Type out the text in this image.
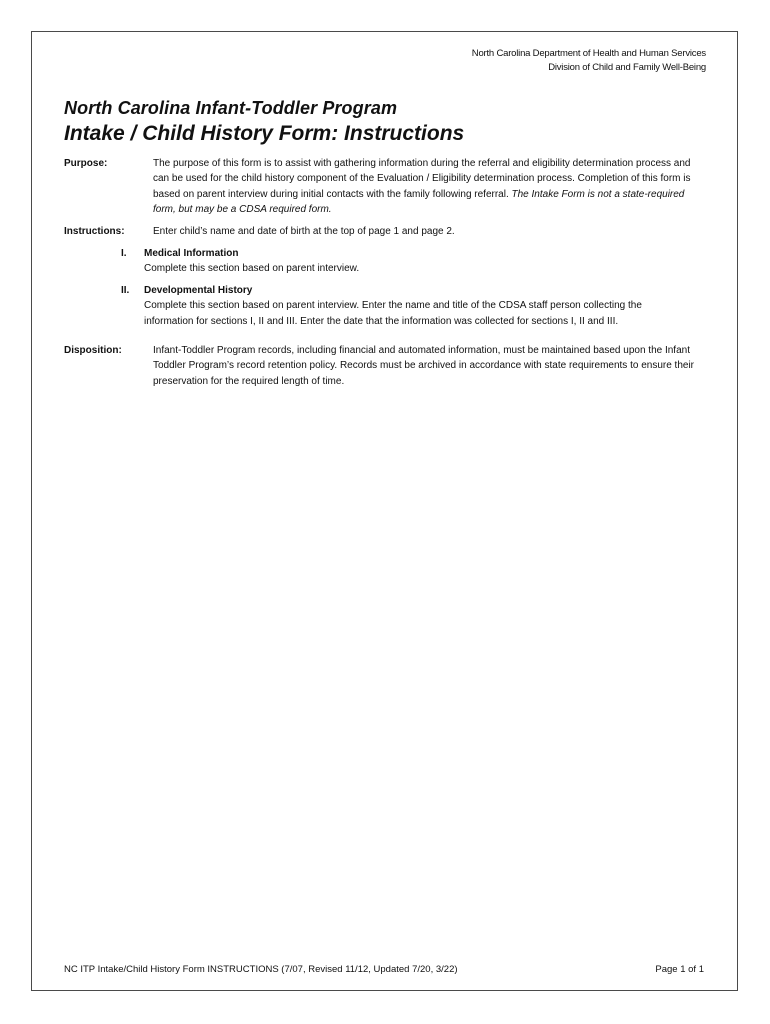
North Carolina Department of Health and Human Services
Division of Child and Family Well-Being
North Carolina Infant-Toddler Program
Intake / Child History Form: Instructions
Purpose:	The purpose of this form is to assist with gathering information during the referral and eligibility determination process and can be used for the child history component of the Evaluation / Eligibility determination process. Completion of this form is based on parent interview during initial contacts with the family following referral. The Intake Form is not a state-required form, but may be a CDSA required form.

Instructions:	Enter child’s name and date of birth at the top of page 1 and page 2.
I. Medical Information
Complete this section based on parent interview.
II. Developmental History
Complete this section based on parent interview. Enter the name and title of the CDSA staff person collecting the information for sections I, II and III. Enter the date that the information was collected for sections I, II and III.
Disposition:	Infant-Toddler Program records, including financial and automated information, must be maintained based upon the Infant Toddler Program’s record retention policy. Records must be archived in accordance with state requirements to ensure their preservation for the required length of time.
NC ITP Intake/Child History Form INSTRUCTIONS (7/07, Revised 11/12, Updated 7/20, 3/22)	Page 1 of 1
